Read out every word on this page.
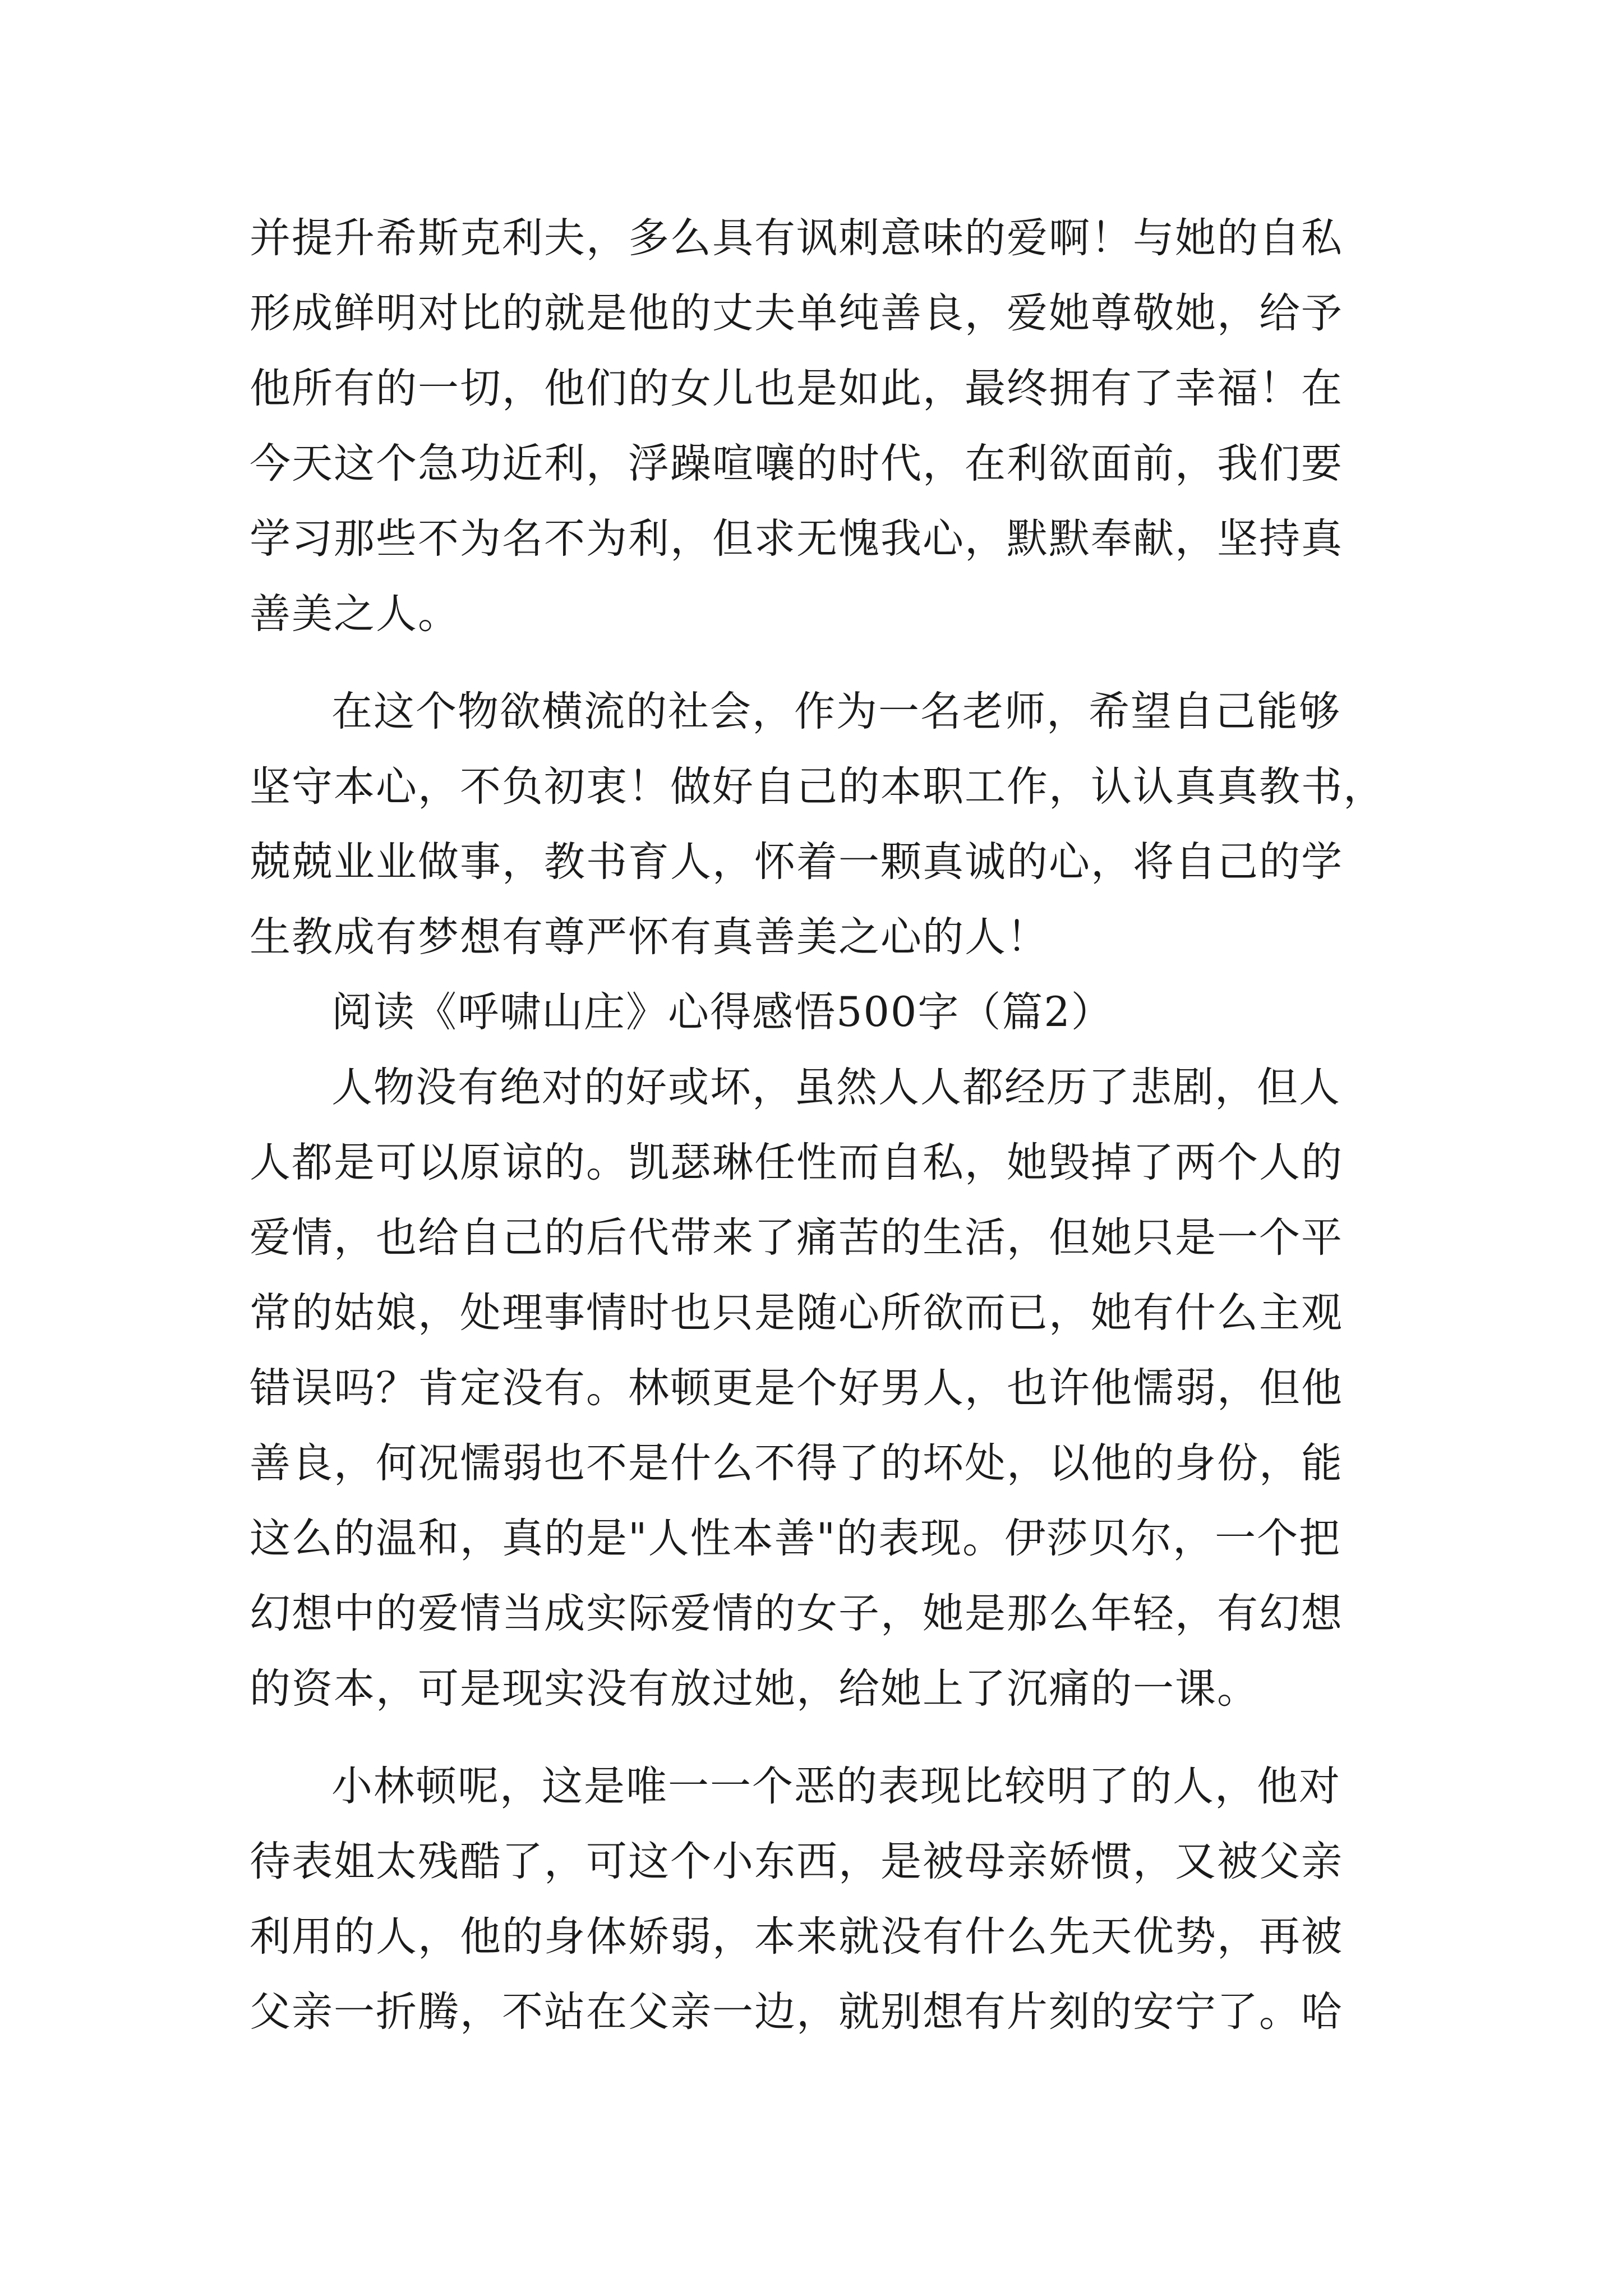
并提升希斯克利夫，多么具有讽刺意味的爱啊！与她的自私
形成鲜明对比的就是他的丈夫单纯善良，爱她尊敬她，给予
他所有的一切，他们的女儿也是如此，最终拥有了幸福！在
今天这个急功近利，浮躁喧嚷的时代，在利欲面前，我们要
学习那些不为名不为利，但求无愧我心，默默奉献，坚持真
善美之人。
在这个物欲横流的社会，作为一名老师，希望自己能够
坚守本心，不负初衷！做好自己的本职工作，认认真真教书，
兢兢业业做事，教书育人，怀着一颗真诚的心，将自己的学
生教成有梦想有尊严怀有真善美之心的人！
阅读《呼啸山庄》心得感悟500字（篇2）
人物没有绝对的好或坏，虽然人人都经历了悲剧，但人
人都是可以原谅的。凯瑟琳任性而自私，她毁掉了两个人的
爱情，也给自己的后代带来了痛苦的生活，但她只是一个平
常的姑娘，处理事情时也只是随心所欲而已，她有什么主观
错误吗？肯定没有。林顿更是个好男人，也许他懦弱，但他
善良，何况懦弱也不是什么不得了的坏处，以他的身份，能
这么的温和，真的是"人性本善"的表现。伊莎贝尔，一个把
幻想中的爱情当成实际爱情的女子，她是那么年轻，有幻想
的资本，可是现实没有放过她，给她上了沉痛的一课。
小林顿呢，这是唯一一个恶的表现比较明了的人，他对
待表姐太残酷了，可这个小东西，是被母亲娇惯，又被父亲
利用的人，他的身体娇弱，本来就没有什么先天优势，再被
父亲一折腾，不站在父亲一边，就别想有片刻的安宁了。哈
